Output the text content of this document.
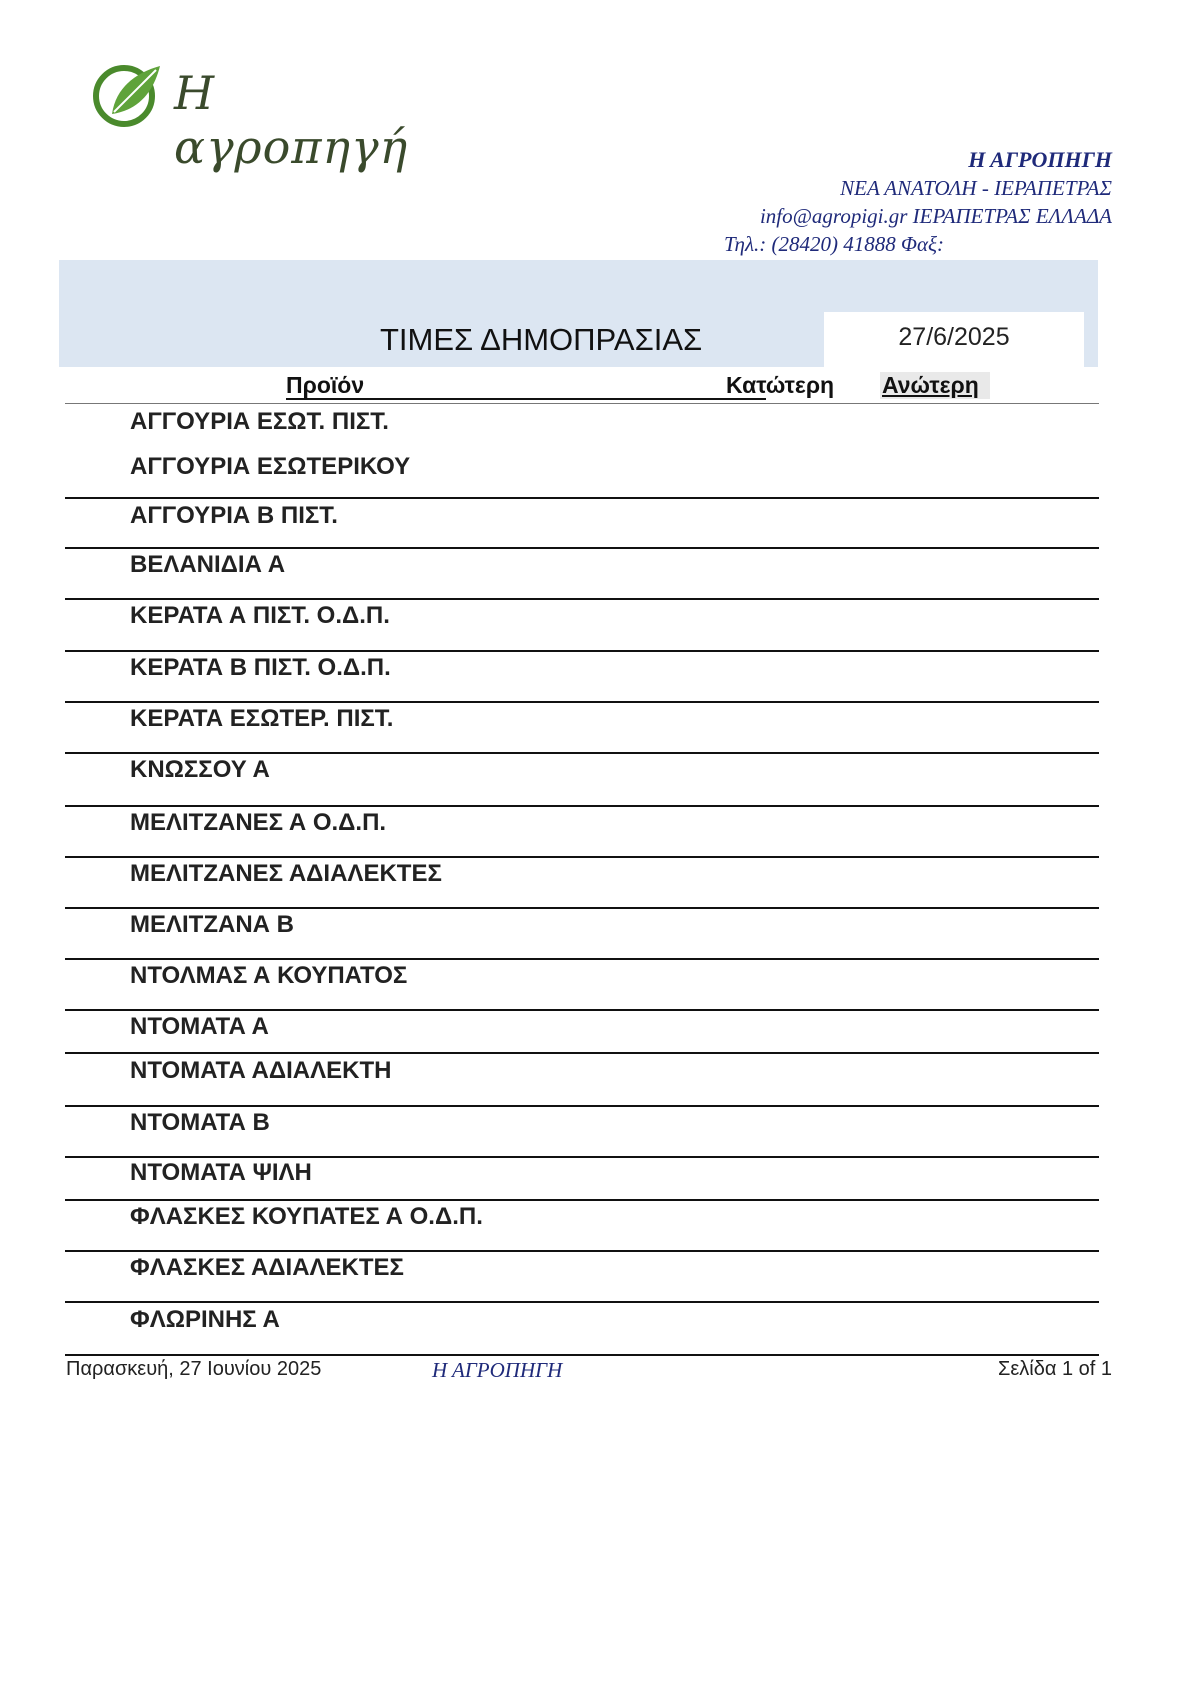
Η αγροπηγή	Η ΑΓΡΟΠΗΓΗ
ΝΕΑ ΑΝΑΤΟΛΗ - ΙΕΡΑΠΕΤΡΑΣ
info@agropigi.gr ΙΕΡΑΠΕΤΡΑΣ ΕΛΛΑΔΑ
Τηλ.: (28420) 41888 Φαξ:
27/6/2025
ΤΙΜΕΣ ΔΗΜΟΠΡΑΣΙΑΣ
Προϊόν	Κατώτερη Ανώτερη
ΑΓΓΟΥΡΙΑ ΕΣΩΤ. ΠΙΣΤ.
ΑΓΓΟΥΡΙΑ ΕΣΩΤΕΡΙΚΟΥ
ΑΓΓΟΥΡΙΑ Β ΠΙΣΤ.
ΒΕΛΑΝΙΔΙΑ Α
ΚΕΡΑΤΑ Α ΠΙΣΤ. Ο.Δ.Π.
ΚΕΡΑΤΑ Β ΠΙΣΤ. Ο.Δ.Π.
ΚΕΡΑΤΑ ΕΣΩΤΕΡ. ΠΙΣΤ.
ΚΝΩΣΣΟΥ Α
ΜΕΛΙΤΖΑΝΕΣ Α Ο.Δ.Π.
ΜΕΛΙΤΖΑΝΕΣ ΑΔΙΑΛΕΚΤΕΣ
ΜΕΛΙΤΖΑΝΑ Β
ΝΤΟΛΜΑΣ Α ΚΟΥΠΑΤΟΣ
ΝΤΟΜΑΤΑ Α
ΝΤΟΜΑΤΑ ΑΔΙΑΛΕΚΤΗ
ΝΤΟΜΑΤΑ Β
ΝΤΟΜΑΤΑ ΨΙΛΗ
ΦΛΑΣΚΕΣ ΚΟΥΠΑΤΕΣ Α Ο.Δ.Π.
ΦΛΑΣΚΕΣ ΑΔΙΑΛΕΚΤΕΣ
ΦΛΩΡΙΝΗΣ Α
Παρασκευή, 27 Ιουνίου 2025	Η ΑΓΡΟΠΗΓΗ	Σελίδα 1 of 1
